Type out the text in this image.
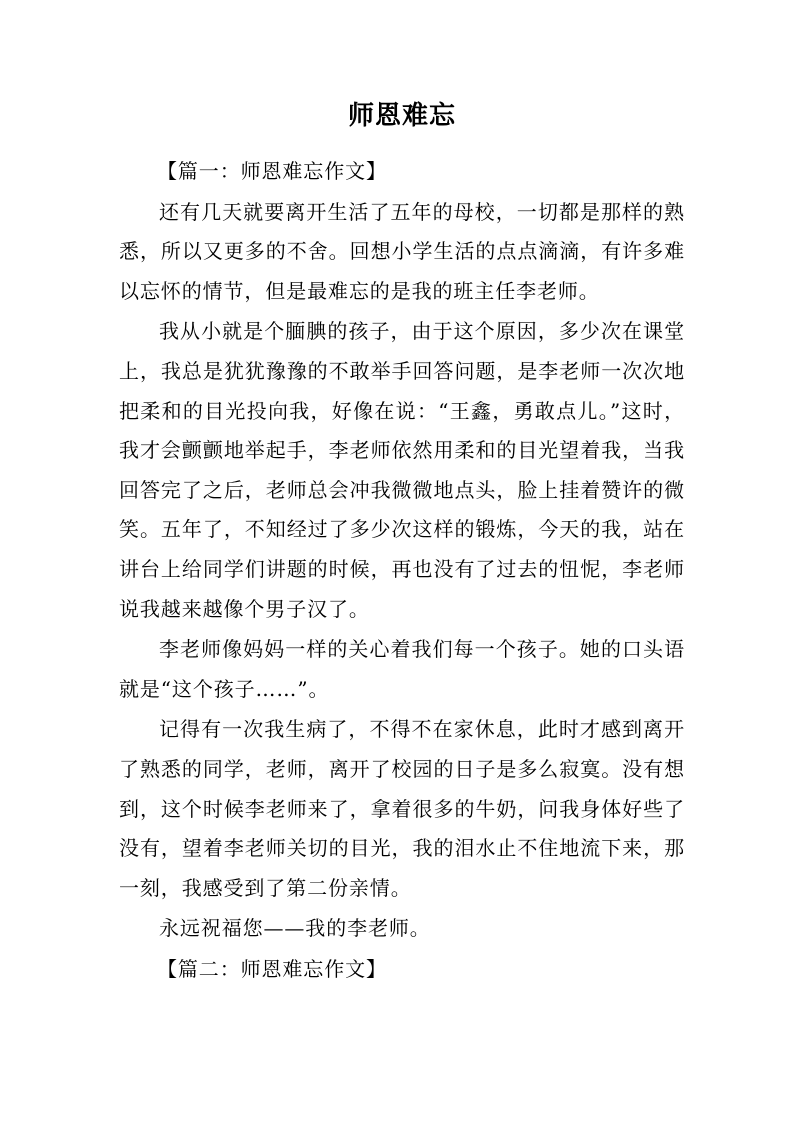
师恩难忘

【篇一：师恩难忘作文】

还有几天就要离开生活了五年的母校，一切都是那样的熟悉，所以又更多的不舍。回想小学生活的点点滴滴，有许多难以忘怀的情节，但是最难忘的是我的班主任李老师。

我从小就是个腼腆的孩子，由于这个原因，多少次在课堂上，我总是犹犹豫豫的不敢举手回答问题，是李老师一次次地把柔和的目光投向我，好像在说：“王鑫，勇敢点儿。”这时，我才会颤颤地举起手，李老师依然用柔和的目光望着我，当我回答完了之后，老师总会冲我微微地点头，脸上挂着赞许的微笑。五年了，不知经过了多少次这样的锻炼，今天的我，站在讲台上给同学们讲题的时候，再也没有了过去的忸怩，李老师说我越来越像个男子汉了。

李老师像妈妈一样的关心着我们每一个孩子。她的口头语就是“这个孩子……”。

记得有一次我生病了，不得不在家休息，此时才感到离开了熟悉的同学，老师，离开了校园的日子是多么寂寞。没有想到，这个时候李老师来了，拿着很多的牛奶，问我身体好些了没有，望着李老师关切的目光，我的泪水止不住地流下来，那一刻，我感受到了第二份亲情。

永远祝福您——我的李老师。

【篇二：师恩难忘作文】
